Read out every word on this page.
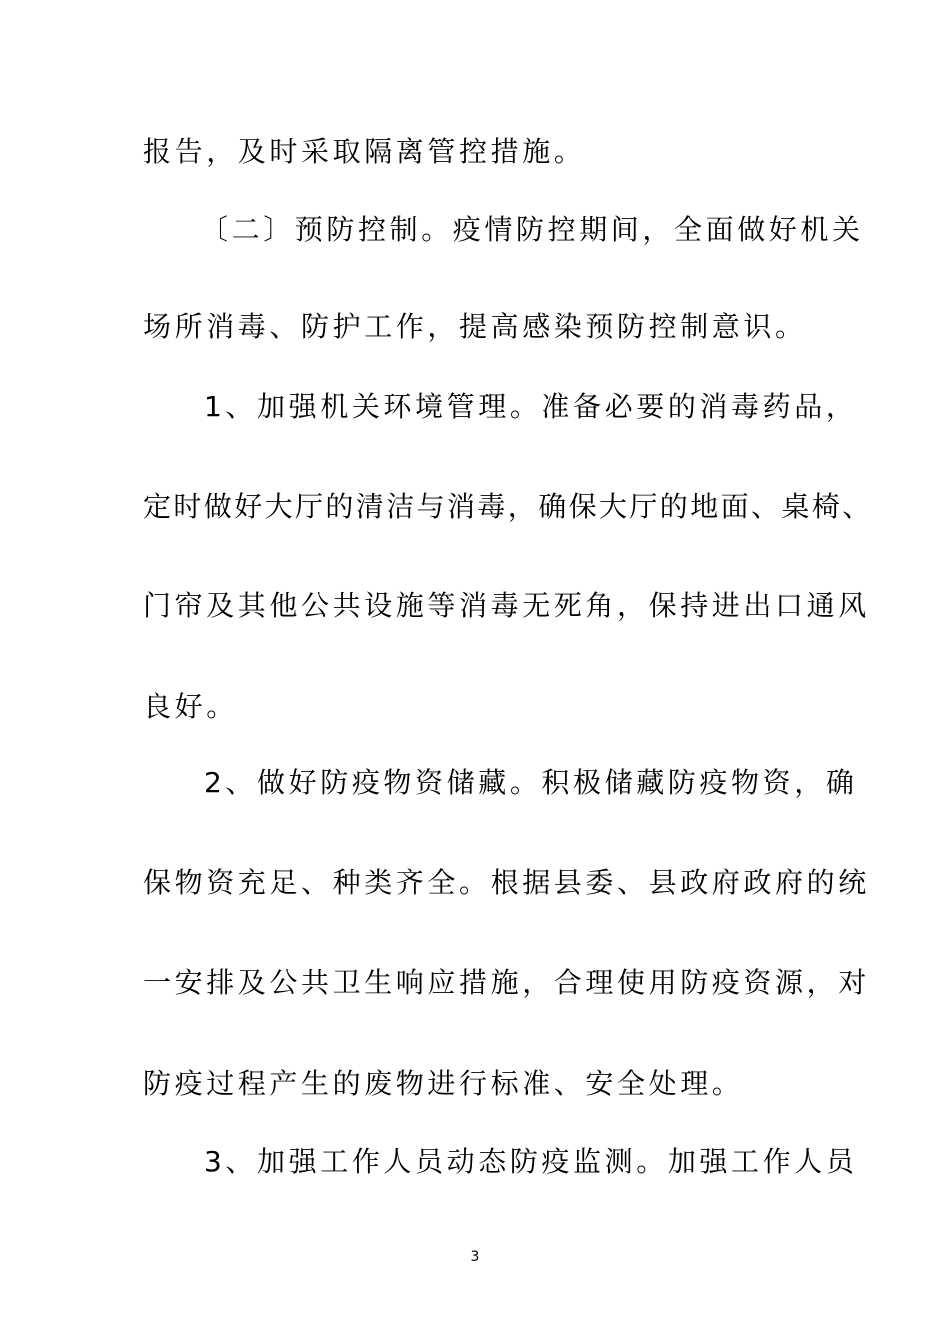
报告，及时采取隔离管控措施。
〔二〕预防控制。疫情防控期间，全面做好机关
场所消毒、防护工作，提高感染预防控制意识。
1、加强机关环境管理。准备必要的消毒药品，
定时做好大厅的清洁与消毒，确保大厅的地面、桌椅、
门帘及其他公共设施等消毒无死角，保持进出口通风
良好。
2、做好防疫物资储藏。积极储藏防疫物资，确
保物资充足、种类齐全。根据县委、县政府政府的统
一安排及公共卫生响应措施，合理使用防疫资源，对
防疫过程产生的废物进行标准、安全处理。
3、加强工作人员动态防疫监测。加强工作人员
3
